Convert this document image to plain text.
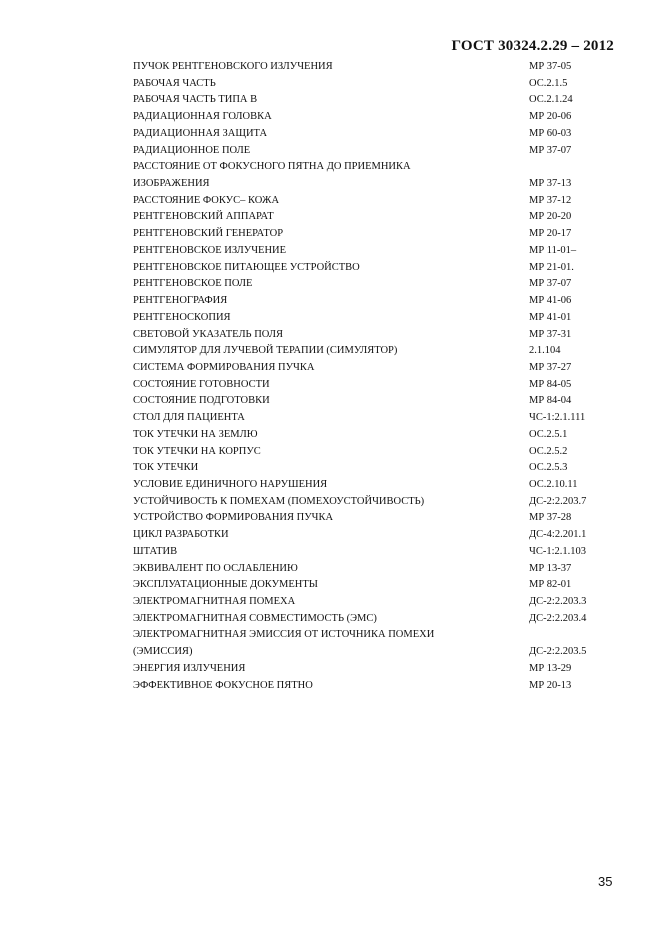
ГОСТ 30324.2.29 – 2012
ПУЧОК РЕНТГЕНОВСКОГО ИЗЛУЧЕНИЯ	МР 37-05
РАБОЧАЯ ЧАСТЬ	ОС.2.1.5
РАБОЧАЯ ЧАСТЬ ТИПА В	ОС.2.1.24
РАДИАЦИОННАЯ ГОЛОВКА	МР 20-06
РАДИАЦИОННАЯ ЗАЩИТА	МР 60-03
РАДИАЦИОННОЕ ПОЛЕ	МР 37-07
РАССТОЯНИЕ ОТ ФОКУСНОГО ПЯТНА ДО ПРИЕМНИКА
ИЗОБРАЖЕНИЯ	МР 37-13
РАССТОЯНИЕ ФОКУС– КОЖА	МР 37-12
РЕНТГЕНОВСКИЙ АППАРАТ	МР 20-20
РЕНТГЕНОВСКИЙ ГЕНЕРАТОР	МР 20-17
РЕНТГЕНОВСКОЕ ИЗЛУЧЕНИЕ	МР 11-01–
РЕНТГЕНОВСКОЕ ПИТАЮЩЕЕ УСТРОЙСТВО	МР 21-01.
РЕНТГЕНОВСКОЕ ПОЛЕ	МР 37-07
РЕНТГЕНОГРАФИЯ	МР 41-06
РЕНТГЕНОСКОПИЯ	МР 41-01
СВЕТОВОЙ УКАЗАТЕЛЬ ПОЛЯ	МР 37-31
СИМУЛЯТОР ДЛЯ ЛУЧЕВОЙ ТЕРАПИИ (СИМУЛЯТОР)	2.1.104
СИСТЕМА ФОРМИРОВАНИЯ ПУЧКА	МР 37-27
СОСТОЯНИЕ ГОТОВНОСТИ	МР 84-05
СОСТОЯНИЕ ПОДГОТОВКИ	МР 84-04
СТОЛ ДЛЯ ПАЦИЕНТА	ЧС-1:2.1.111
ТОК УТЕЧКИ НА ЗЕМЛЮ	ОС.2.5.1
ТОК УТЕЧКИ НА КОРПУС	ОС.2.5.2
ТОК УТЕЧКИ	ОС.2.5.3
УСЛОВИЕ ЕДИНИЧНОГО НАРУШЕНИЯ	ОС.2.10.11
УСТОЙЧИВОСТЬ К ПОМЕХАМ (ПОМЕХОУСТОЙЧИВОСТЬ)	ДС-2:2.203.7
УСТРОЙСТВО ФОРМИРОВАНИЯ ПУЧКА	МР 37-28
ЦИКЛ РАЗРАБОТКИ	ДС-4:2.201.1
ШТАТИВ	ЧС-1:2.1.103
ЭКВИВАЛЕНТ ПО ОСЛАБЛЕНИЮ	МР 13-37
ЭКСПЛУАТАЦИОННЫЕ ДОКУМЕНТЫ	МР 82-01
ЭЛЕКТРОМАГНИТНАЯ ПОМЕХА	ДС-2:2.203.3
ЭЛЕКТРОМАГНИТНАЯ СОВМЕСТИМОСТЬ (ЭМС)	ДС-2:2.203.4
ЭЛЕКТРОМАГНИТНАЯ ЭМИССИЯ ОТ ИСТОЧНИКА ПОМЕХИ
(ЭМИССИЯ)	ДС-2:2.203.5
ЭНЕРГИЯ ИЗЛУЧЕНИЯ	МР 13-29
ЭФФЕКТИВНОЕ ФОКУСНОЕ ПЯТНО	МР 20-13
35
